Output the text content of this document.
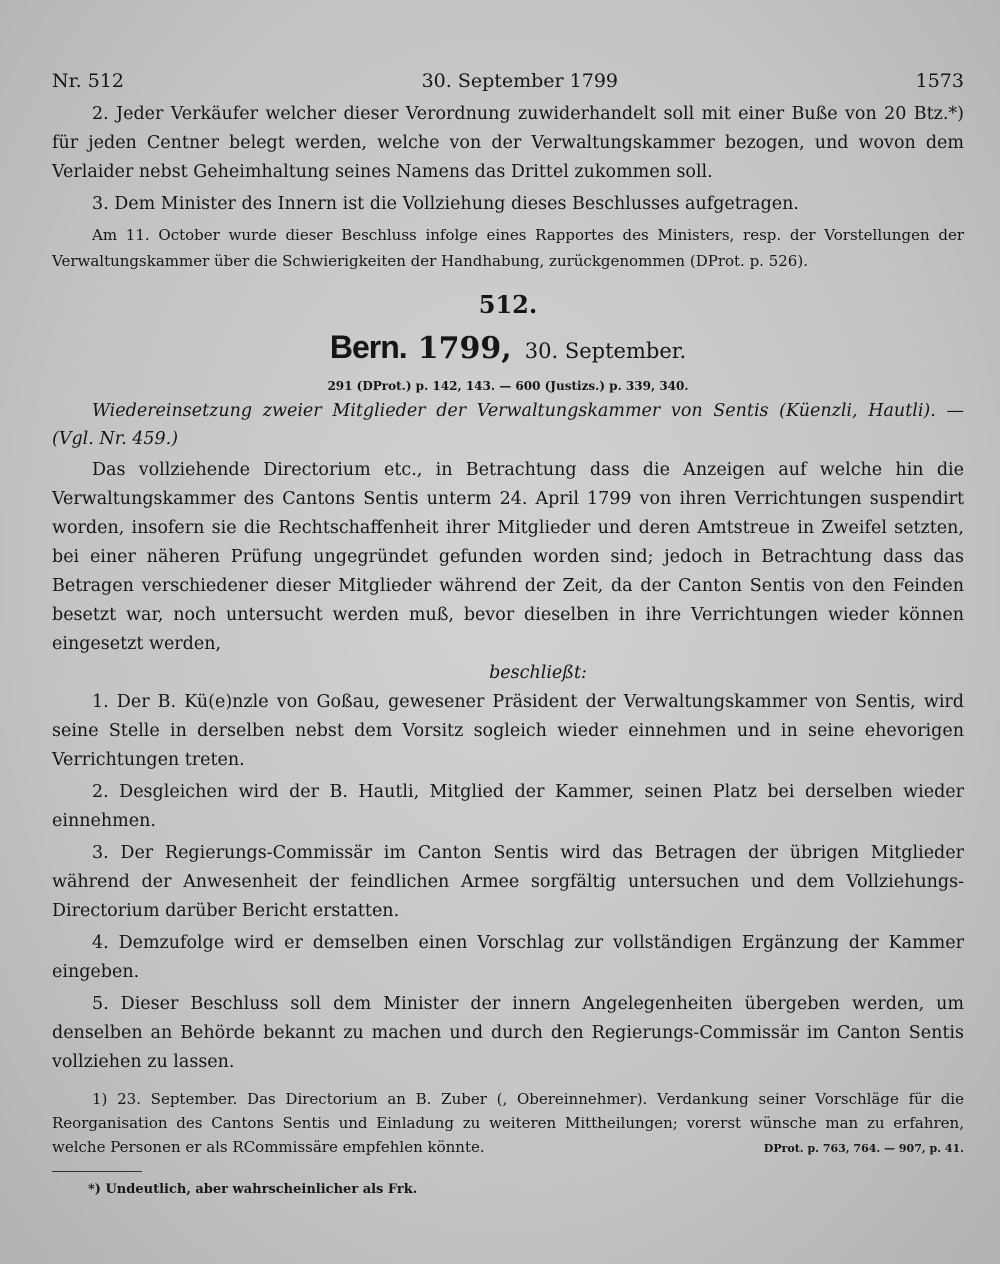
Nr. 512	30. September 1799	1573

2. Jeder Verkäufer welcher dieser Verordnung zuwiderhandelt soll mit einer Buße von 20 Btz.*) für jeden Centner belegt werden, welche von der Verwaltungskammer bezogen, und wovon dem Verlaider nebst Geheimhaltung seines Namens das Drittel zukommen soll.

3. Dem Minister des Innern ist die Vollziehung dieses Beschlusses aufgetragen.

Am 11. October wurde dieser Beschluss infolge eines Rapportes des Ministers, resp. der Vorstellungen der Verwaltungskammer über die Schwierigkeiten der Handhabung, zurückgenommen (DProt. p. 526).

512.
Bern. 1799, 30. September.
291 (DProt.) p. 142, 143. — 600 (Justizs.) p. 339, 340.

Wiedereinsetzung zweier Mitglieder der Verwaltungskammer von Sentis (Küenzli, Hautli). — (Vgl. Nr. 459.)

Das vollziehende Directorium etc., in Betrachtung dass die Anzeigen auf welche hin die Verwaltungskammer des Cantons Sentis unterm 24. April 1799 von ihren Verrichtungen suspendirt worden, insofern sie die Rechtschaffenheit ihrer Mitglieder und deren Amtstreue in Zweifel setzten, bei einer näheren Prüfung ungegründet gefunden worden sind; jedoch in Betrachtung dass das Betragen verschiedener dieser Mitglieder während der Zeit, da der Canton Sentis von den Feinden besetzt war, noch untersucht werden muß, bevor dieselben in ihre Verrichtungen wieder können eingesetzt werden,

beschließt:

1. Der B. Kü(e)nzle von Goßau, gewesener Präsident der Verwaltungskammer von Sentis, wird seine Stelle in derselben nebst dem Vorsitz sogleich wieder einnehmen und in seine ehevorigen Verrichtungen treten.

2. Desgleichen wird der B. Hautli, Mitglied der Kammer, seinen Platz bei derselben wieder einnehmen.

3. Der Regierungs-Commissär im Canton Sentis wird das Betragen der übrigen Mitglieder während der Anwesenheit der feindlichen Armee sorgfältig untersuchen und dem Vollziehungs-Directorium darüber Bericht erstatten.

4. Demzufolge wird er demselben einen Vorschlag zur vollständigen Ergänzung der Kammer eingeben.

5. Dieser Beschluss soll dem Minister der innern Angelegenheiten übergeben werden, um denselben an Behörde bekannt zu machen und durch den Regierungs-Commissär im Canton Sentis vollziehen zu lassen.

1) 23. September. Das Directorium an B. Zuber (, Obereinnehmer). Verdankung seiner Vorschläge für die Reorganisation des Cantons Sentis und Einladung zu weiteren Mittheilungen; vorerst wünsche man zu erfahren, welche Personen er als RCommissäre empfehlen könnte.	DProt. p. 763, 764. — 907, p. 41.
*) Undeutlich, aber wahrscheinlicher als Frk.
